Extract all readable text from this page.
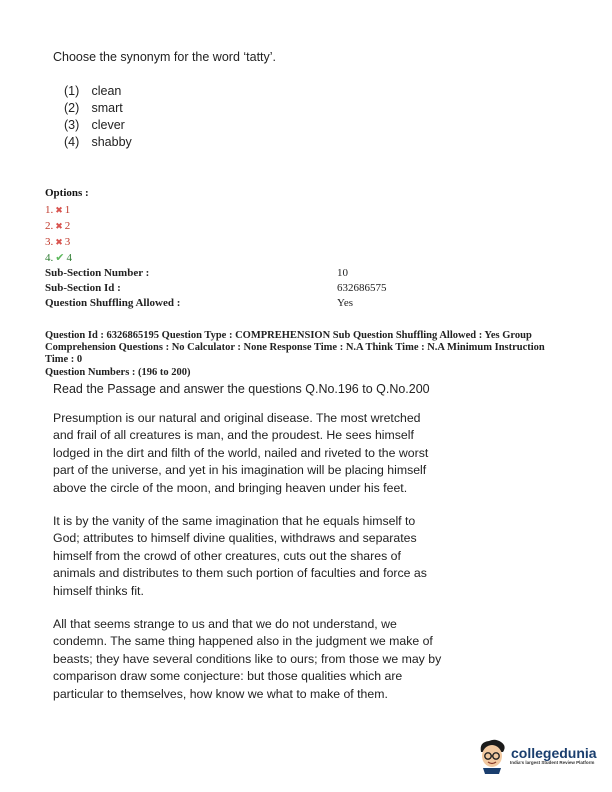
Choose the synonym for the word ‘tatty’.
(1) clean
(2) smart
(3) clever
(4) shabby
Options :
1. ✖ 1
2. ✖ 2
3. ✖ 3
4. ✔ 4
Sub-Section Number :	10
Sub-Section Id :	632686575
Question Shuffling Allowed :	Yes
Question Id : 6326865195 Question Type : COMPREHENSION Sub Question Shuffling Allowed : Yes Group Comprehension Questions : No Calculator : None Response Time : N.A Think Time : N.A Minimum Instruction Time : 0
Question Numbers : (196 to 200)
Read the Passage and answer the questions Q.No.196 to Q.No.200

Presumption is our natural and original disease. The most wretched and frail of all creatures is man, and the proudest. He sees himself lodged in the dirt and filth of the world, nailed and riveted to the worst part of the universe, and yet in his imagination will be placing himself above the circle of the moon, and bringing heaven under his feet.

It is by the vanity of the same imagination that he equals himself to God; attributes to himself divine qualities, withdraws and separates himself from the crowd of other creatures, cuts out the shares of animals and distributes to them such portion of faculties and force as himself thinks fit.

All that seems strange to us and that we do not understand, we condemn. The same thing happened also in the judgment we make of beasts; they have several conditions like to ours; from those we may by comparison draw some conjecture: but those qualities which are particular to themselves, how know we what to make of them.

collegedunia
India's largest Student Review Platform
